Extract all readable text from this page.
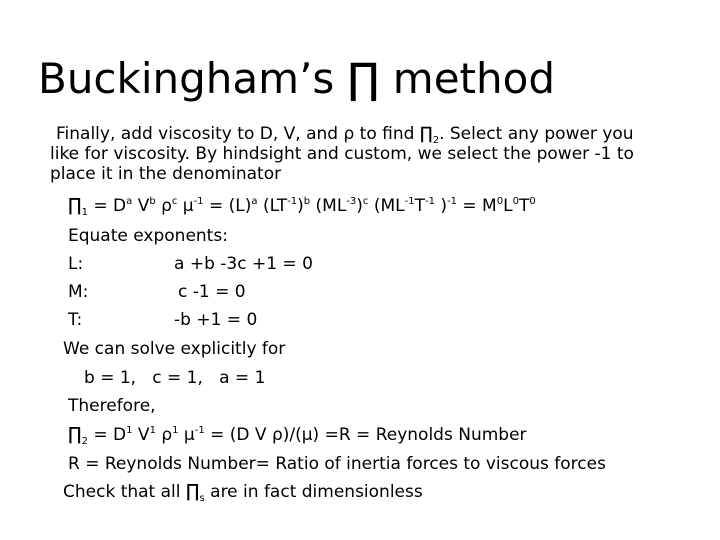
Buckingham’s ∏ method
Finally, add viscosity to D, V, and ρ to find $\prod_2$. Select any power you
like for viscosity. By hindsight and custom, we select the power -1 to
place it in the denominator
$\prod_1 = D^a$ $V^b$ $\rho^c$ $\mu^{-1} = (L)^a$ $(LT^{-1})^b$ $(ML^{-3})^c$ ($ML^{-1}T^{-1}$ )$^{-1} = M^0L^0T^0$
Equate exponents:
L:	a +b -3c +1 = 0
M:	c -1 = 0
T:	-b +1 = 0
We can solve explicitly for
b = 1,   c = 1,   a = 1
Therefore,
$\prod_2 = D^1$ $V^1$ $\rho^1$ $\mu^{-1} = (D$ V ρ)/(μ) =R = Reynolds Number
R = Reynolds Number= Ratio of inertia forces to viscous forces
Check that all $\prod_s$ are in fact dimensionless
